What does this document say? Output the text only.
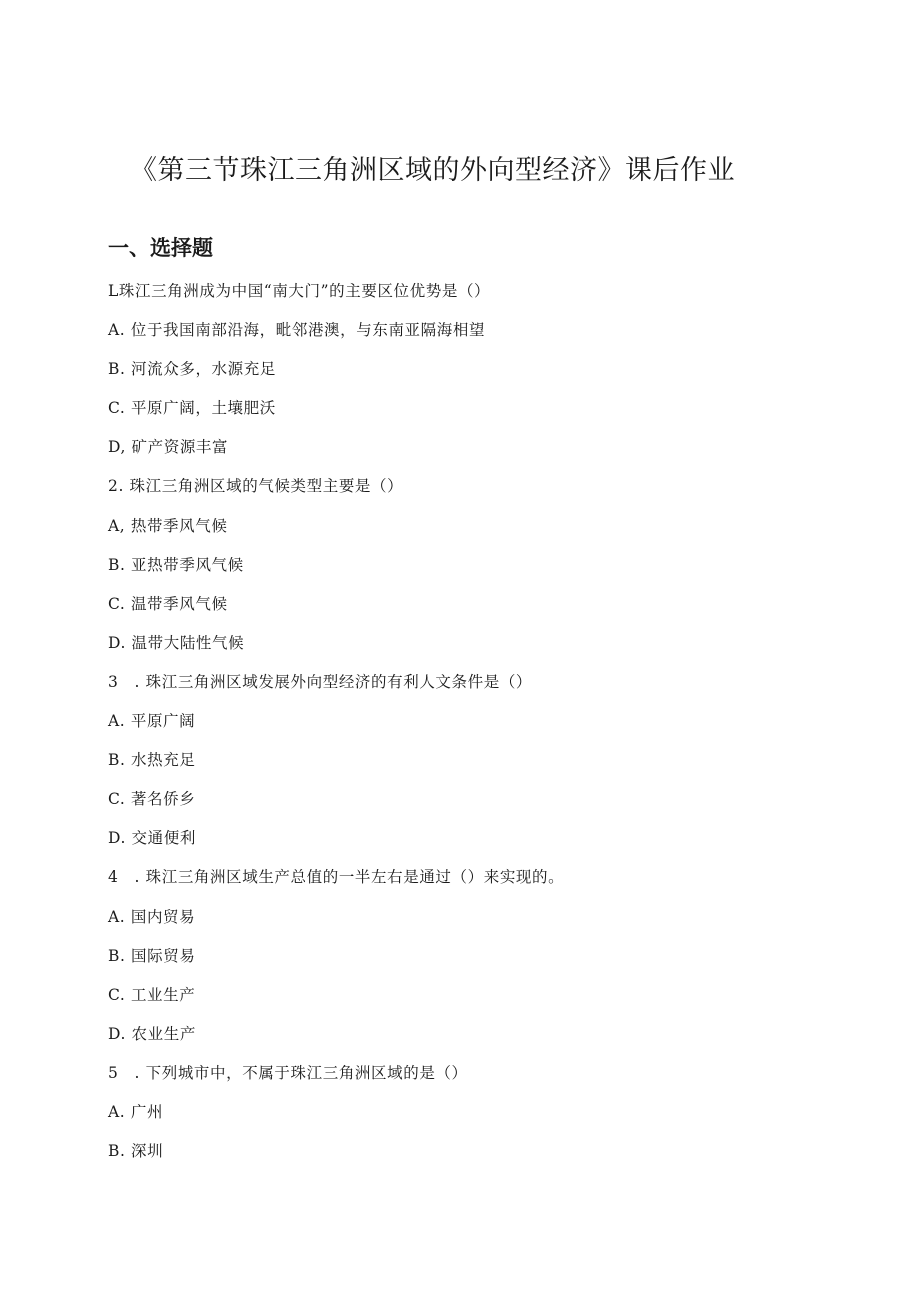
《第三节珠江三角洲区域的外向型经济》课后作业
一、选择题
L珠江三角洲成为中国“南大门”的主要区位优势是（）
A. 位于我国南部沿海，毗邻港澳，与东南亚隔海相望
B. 河流众多，水源充足
C. 平原广阔，土壤肥沃
D, 矿产资源丰富
2. 珠江三角洲区域的气候类型主要是（）
A, 热带季风气候
B. 亚热带季风气候
C. 温带季风气候
D. 温带大陆性气候
3　. 珠江三角洲区域发展外向型经济的有利人文条件是（）
A. 平原广阔
B. 水热充足
C. 著名侨乡
D. 交通便利
4　. 珠江三角洲区域生产总值的一半左右是通过（）来实现的。
A. 国内贸易
B. 国际贸易
C. 工业生产
D. 农业生产
5　. 下列城市中，不属于珠江三角洲区域的是（）
A. 广州
B. 深圳
